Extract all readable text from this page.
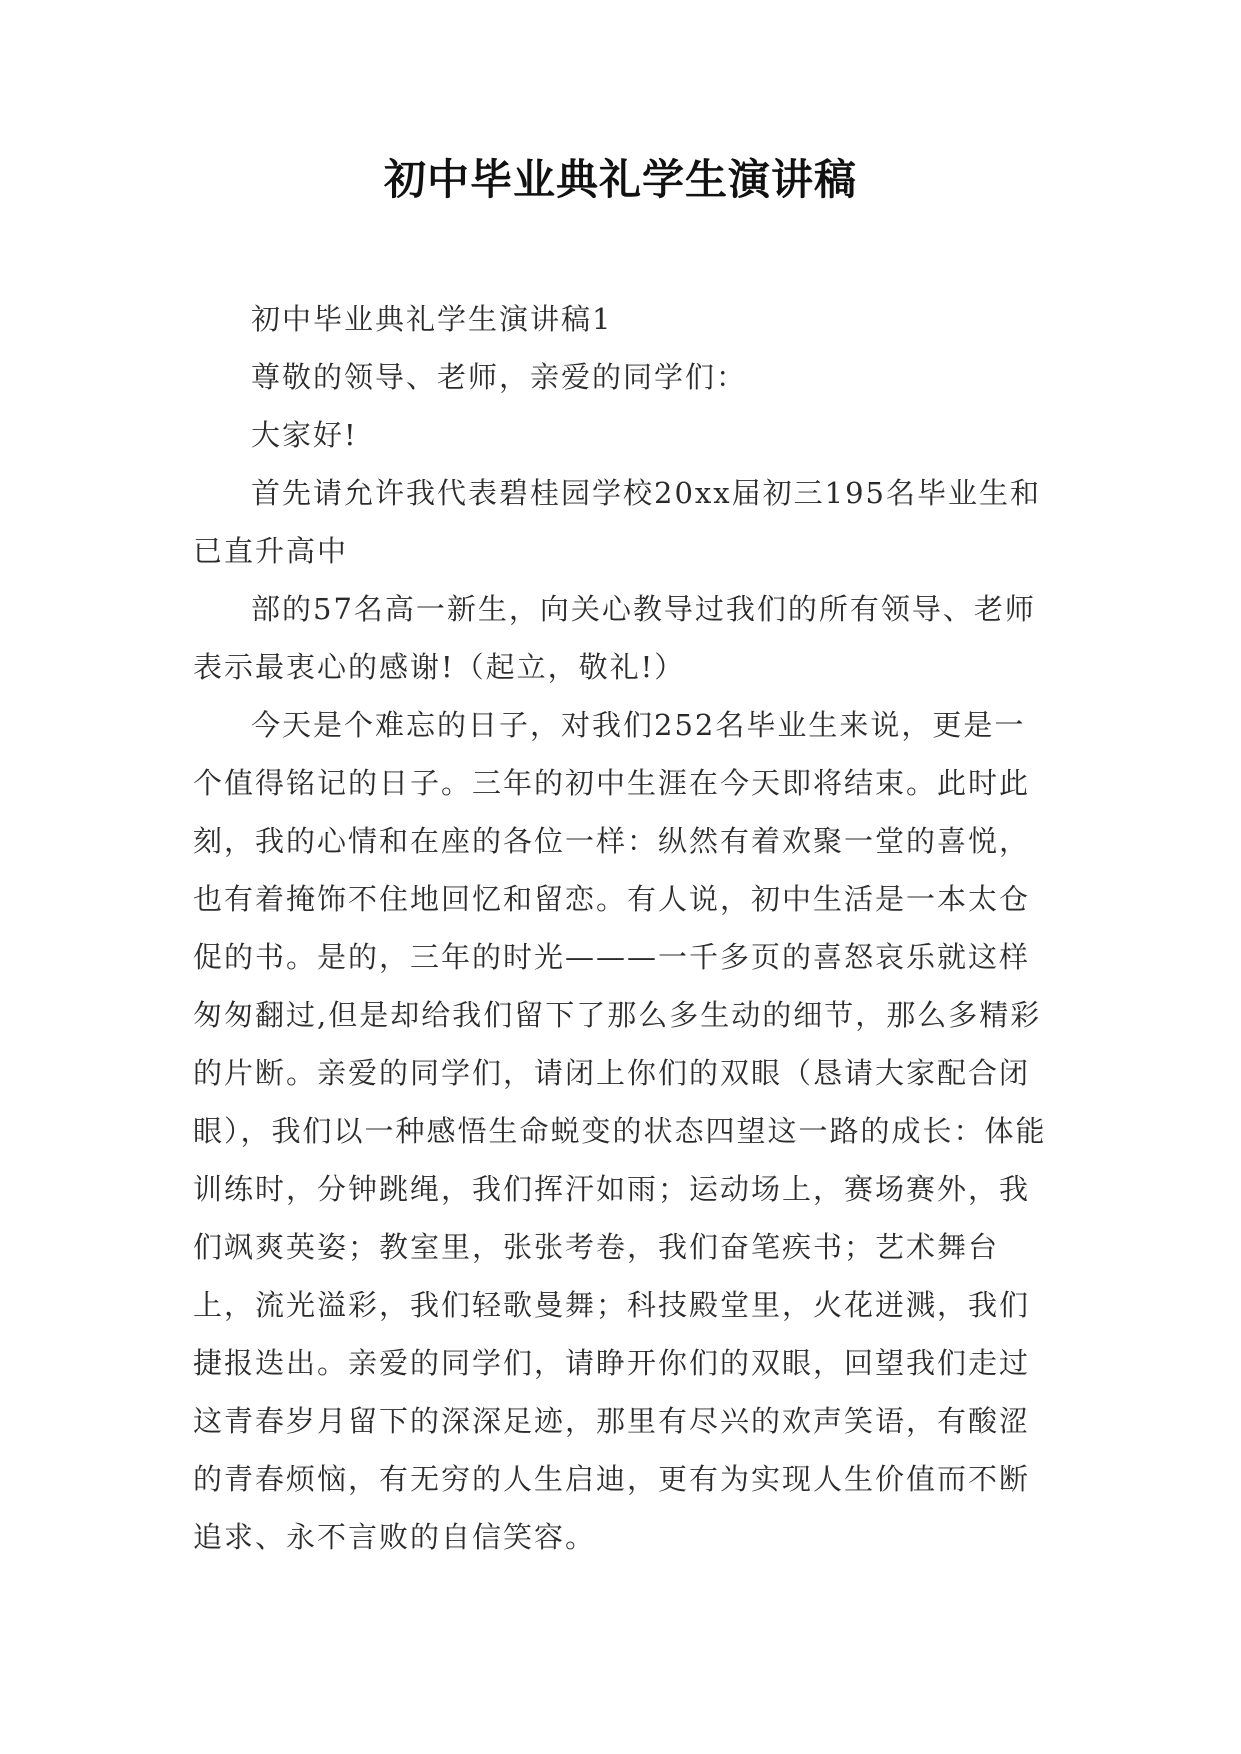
初中毕业典礼学生演讲稿

初中毕业典礼学生演讲稿1

尊敬的领导、老师，亲爱的同学们：

大家好!

首先请允许我代表碧桂园学校20xx届初三195名毕业生和已直升高中

部的57名高一新生，向关心教导过我们的所有领导、老师表示最衷心的感谢!（起立，敬礼!）

今天是个难忘的日子，对我们252名毕业生来说，更是一个值得铭记的日子。三年的初中生涯在今天即将结束。此时此刻，我的心情和在座的各位一样：纵然有着欢聚一堂的喜悦，也有着掩饰不住地回忆和留恋。有人说，初中生活是一本太仓促的书。是的，三年的时光———一千多页的喜怒哀乐就这样匆匆翻过,但是却给我们留下了那么多生动的细节，那么多精彩的片断。亲爱的同学们，请闭上你们的双眼（恳请大家配合闭眼），我们以一种感悟生命蜕变的状态四望这一路的成长：体能训练时，分钟跳绳，我们挥汗如雨；运动场上，赛场赛外，我们飒爽英姿；教室里，张张考卷，我们奋笔疾书；艺术舞台上，流光溢彩，我们轻歌曼舞；科技殿堂里，火花迸溅，我们捷报迭出。亲爱的同学们，请睁开你们的双眼，回望我们走过这青春岁月留下的深深足迹，那里有尽兴的欢声笑语，有酸涩的青春烦恼，有无穷的人生启迪，更有为实现人生价值而不断追求、永不言败的自信笑容。
